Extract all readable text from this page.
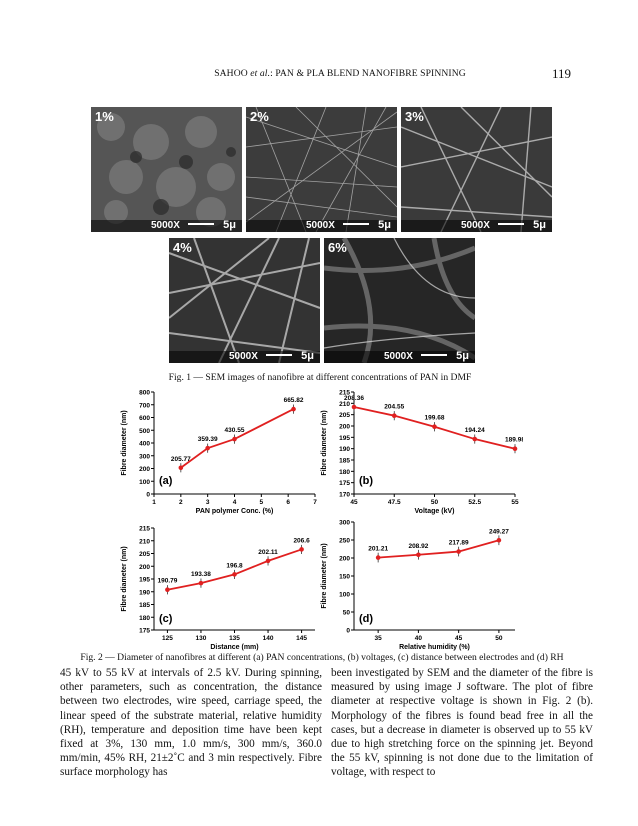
SAHOO et al.: PAN & PLA BLEND NANOFIBRE SPINNING	119
1%
5000X	5μ
2%
5000X	5μ
3%
5000X	5μ
4%
5000X	5μ
6%
5000X	5μ
Fig. 1 — SEM images of nanofibre at different concentrations of PAN in DMF
0
100
200
300
400
500
600
700
800
1	2	3	4	5	6	7
PAN polymer Conc. (%)
Fibre diameter (nm)	205.77
359.39
430.55
665.82
(a)
170
175
180
185
190
195
200
205
210
215
45	47.5	50	52.5	55
Voltage (kV)
Fibre diameter (nm)
208.36
204.55
199.68
194.24
189.98
(b)
175
180
185
190
195
200
205
210
215
125	130	135	140	145
Distance (mm)
Fibre diameter (nm)	190.79
193.38
196.8
202.11
206.6
(c)
0
50
100
150
200
250
300
35	40	45	50
Relative humidity (%)
Fibre diameter (nm)	201.21	208.92	217.89
249.27
(d)
Fig. 2 — Diameter of nanofibres at different (a) PAN concentrations, (b) voltages, (c) distance between electrodes and (d) RH

45 kV to 55 kV at intervals of 2.5 kV. During spinning, other parameters, such as concentration, the distance between two electrodes, wire speed, carriage speed, the linear speed of the substrate material, relative humidity (RH), temperature and deposition time have been kept fixed at 3%, 130 mm, 1.0 mm/s, 300 mm/s, 360.0 mm/min, 45% RH, 21±2˚C and 3 min respectively. Fibre surface morphology has

been investigated by SEM and the diameter of the fibre is measured by using image J software. The plot of fibre diameter at respective voltage is shown in Fig. 2 (b). Morphology of the fibres is found bead free in all the cases, but a decrease in diameter is observed up to 55 kV due to high stretching force on the spinning jet. Beyond the 55 kV, spinning is not done due to the limitation of voltage, with respect to
